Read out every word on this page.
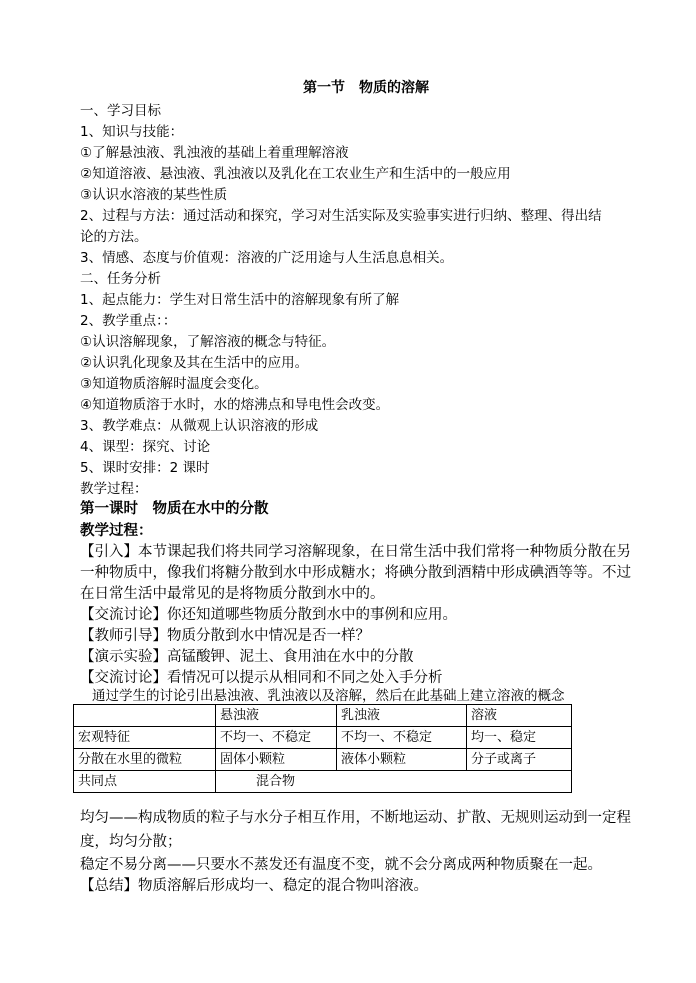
第一节　物质的溶解
一、学习目标
1、知识与技能：
①了解悬浊液、乳浊液的基础上着重理解溶液
②知道溶液、悬浊液、乳浊液以及乳化在工农业生产和生活中的一般应用
③认识水溶液的某些性质
2、过程与方法：通过活动和探究，学习对生活实际及实验事实进行归纳、整理、得出结
论的方法。
3、情感、态度与价值观：溶液的广泛用途与人生活息息相关。
二、任务分析
1、起点能力：学生对日常生活中的溶解现象有所了解
2、教学重点：：
①认识溶解现象，了解溶液的概念与特征。
②认识乳化现象及其在生活中的应用。
③知道物质溶解时温度会变化。
④知道物质溶于水时，水的熔沸点和导电性会改变。
3、教学难点：从微观上认识溶液的形成
4、课型：探究、讨论
5、课时安排：2 课时
教学过程：
第一课时　物质在水中的分散
教学过程：
【引入】本节课起我们将共同学习溶解现象，在日常生活中我们常将一种物质分散在另
一种物质中，像我们将糖分散到水中形成糖水；将碘分散到酒精中形成碘酒等等。不过
在日常生活中最常见的是将物质分散到水中的。
【交流讨论】你还知道哪些物质分散到水中的事例和应用。
【教师引导】物质分散到水中情况是否一样？
【演示实验】高锰酸钾、泥土、食用油在水中的分散
【交流讨论】看情况可以提示从相同和不同之处入手分析
通过学生的讨论引出悬浊液、乳浊液以及溶解，然后在此基础上建立溶液的概念
	悬浊液	乳浊液	溶液
宏观特征	不均一、不稳定	不均一、不稳定	均一、稳定
分散在水里的微粒	固体小颗粒	液体小颗粒	分子或离子
共同点	混合物		
均匀——构成物质的粒子与水分子相互作用，不断地运动、扩散、无规则运动到一定程
度，均匀分散；
稳定不易分离——只要水不蒸发还有温度不变，就不会分离成两种物质聚在一起。
【总结】物质溶解后形成均一、稳定的混合物叫溶液。
